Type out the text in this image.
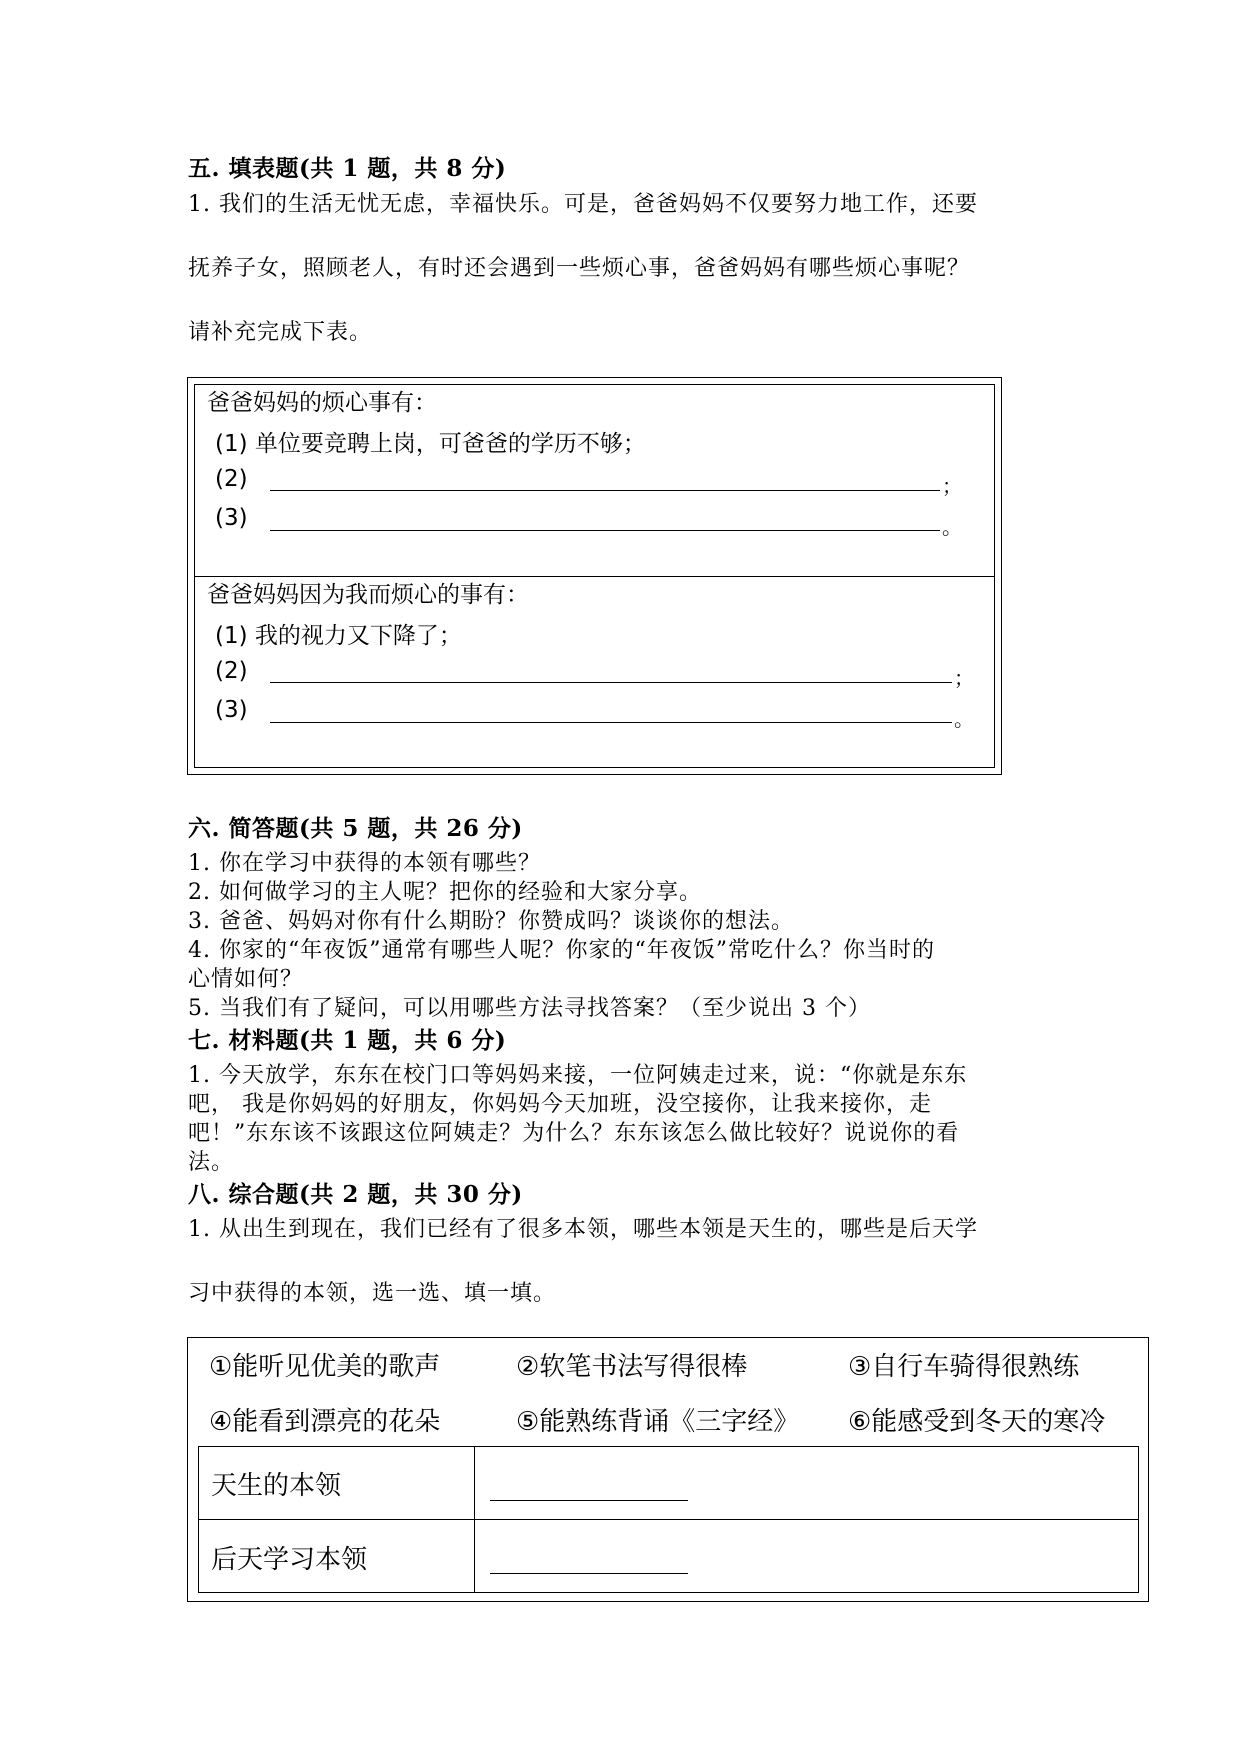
五. 填表题(共 1 题，共 8 分)
1. 我们的生活无忧无虑，幸福快乐。可是，爸爸妈妈不仅要努力地工作，还要
抚养子女，照顾老人，有时还会遇到一些烦心事，爸爸妈妈有哪些烦心事呢？
请补充完成下表。
爸爸妈妈的烦心事有：
(1) 单位要竞聘上岗，可爸爸的学历不够；
(2)	；
(3)	。
爸爸妈妈因为我而烦心的事有：
(1) 我的视力又下降了；
(2)	；
(3)	。
六. 简答题(共 5 题，共 26 分)
1. 你在学习中获得的本领有哪些？
2. 如何做学习的主人呢？把你的经验和大家分享。
3. 爸爸、妈妈对你有什么期盼？你赞成吗？谈谈你的想法。
4. 你家的“年夜饭”通常有哪些人呢？你家的“年夜饭”常吃什么？你当时的
心情如何？
5. 当我们有了疑问，可以用哪些方法寻找答案？（至少说出 3 个）
七. 材料题(共 1 题，共 6 分)
1. 今天放学，东东在校门口等妈妈来接，一位阿姨走过来，说：“你就是东东
吧， 我是你妈妈的好朋友，你妈妈今天加班，没空接你，让我来接你，走
吧！”东东该不该跟这位阿姨走？为什么？东东该怎么做比较好？说说你的看
法。
八. 综合题(共 2 题，共 30 分)
1. 从出生到现在，我们已经有了很多本领，哪些本领是天生的，哪些是后天学
习中获得的本领，选一选、填一填。
①能听见优美的歌声	②软笔书法写得很棒	③自行车骑得很熟练
④能看到漂亮的花朵	⑤能熟练背诵《三字经》 ⑥能感受到冬天的寒冷
天生的本领
后天学习本领
